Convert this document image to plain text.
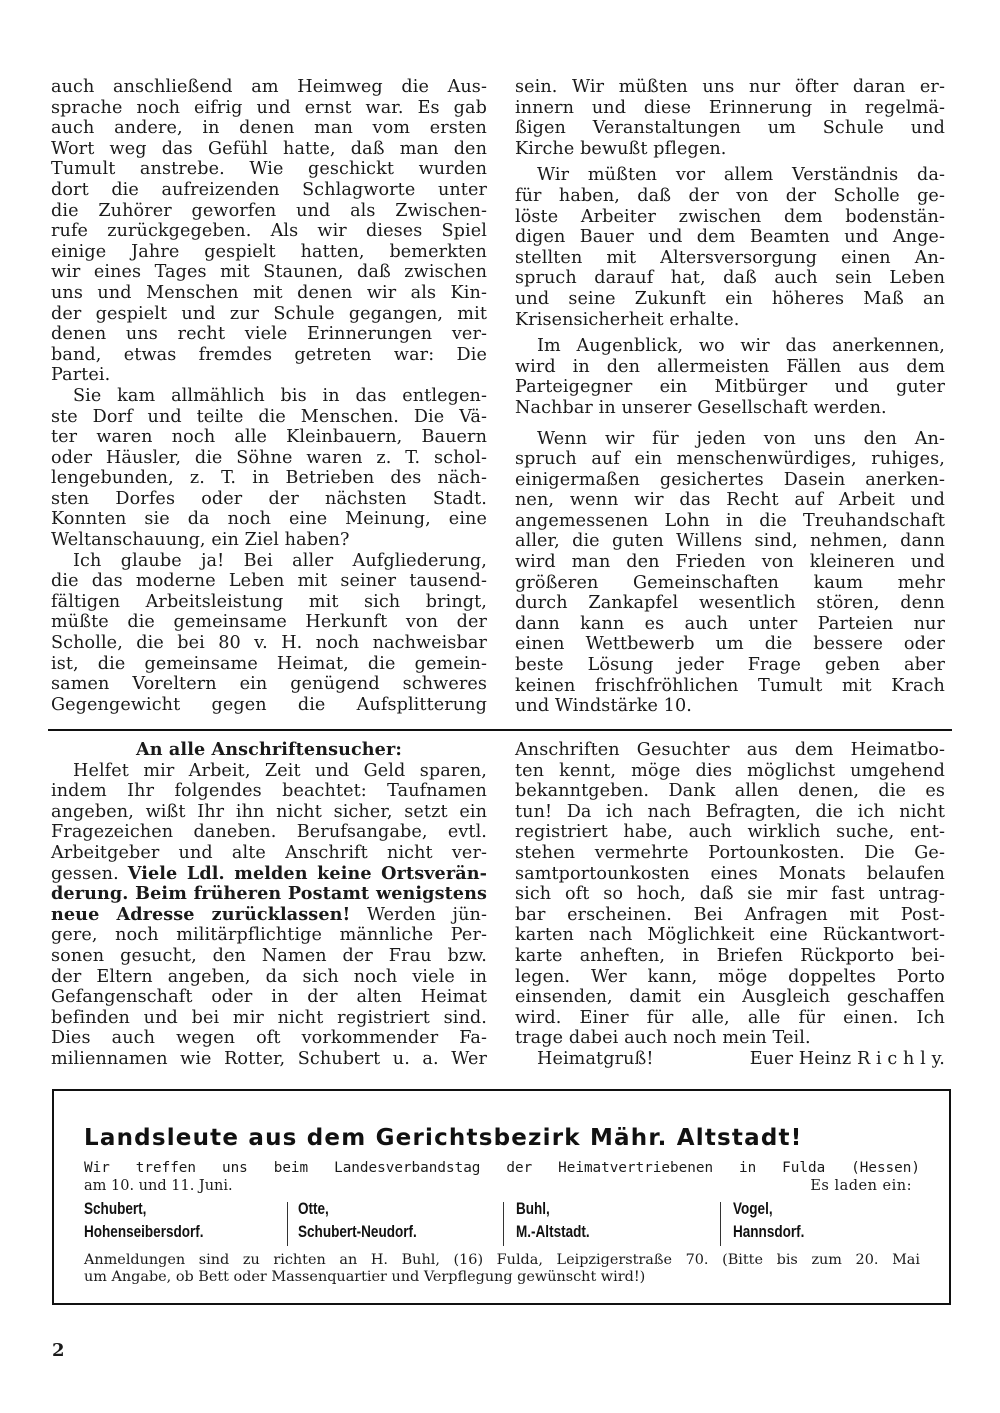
auch anschließend am Heimweg die Aus-
sprache noch eifrig und ernst war. Es gab
auch andere, in denen man vom ersten
Wort weg das Gefühl hatte, daß man den
Tumult anstrebe. Wie geschickt wurden
dort die aufreizenden Schlagworte unter
die Zuhörer geworfen und als Zwischen-
rufe zurückgegeben. Als wir dieses Spiel
einige Jahre gespielt hatten, bemerkten
wir eines Tages mit Staunen, daß zwischen
uns und Menschen mit denen wir als Kin-
der gespielt und zur Schule gegangen, mit
denen uns recht viele Erinnerungen ver-
band, etwas fremdes getreten war: Die
Partei.
Sie kam allmählich bis in das entlegen-
ste Dorf und teilte die Menschen. Die Vä-
ter waren noch alle Kleinbauern, Bauern
oder Häusler, die Söhne waren z. T. schol-
lengebunden, z. T. in Betrieben des näch-
sten Dorfes oder der nächsten Stadt.
Konnten sie da noch eine Meinung, eine
Weltanschauung, ein Ziel haben?
Ich glaube ja! Bei aller Aufgliederung,
die das moderne Leben mit seiner tausend-
fältigen Arbeitsleistung mit sich bringt,
müßte die gemeinsame Herkunft von der
Scholle, die bei 80 v. H. noch nachweisbar
ist, die gemeinsame Heimat, die gemein-
samen Voreltern ein genügend schweres
Gegengewicht gegen die Aufsplitterung
sein. Wir müßten uns nur öfter daran er-
innern und diese Erinnerung in regelmä-
ßigen Veranstaltungen um Schule und
Kirche bewußt pflegen.
Wir müßten vor allem Verständnis da-
für haben, daß der von der Scholle ge-
löste Arbeiter zwischen dem bodenstän-
digen Bauer und dem Beamten und Ange-
stellten mit Altersversorgung einen An-
spruch darauf hat, daß auch sein Leben
und seine Zukunft ein höheres Maß an
Krisensicherheit erhalte.
Im Augenblick, wo wir das anerkennen,
wird in den allermeisten Fällen aus dem
Parteigegner ein Mitbürger und guter
Nachbar in unserer Gesellschaft werden.
Wenn wir für jeden von uns den An-
spruch auf ein menschenwürdiges, ruhiges,
einigermaßen gesichertes Dasein anerken-
nen, wenn wir das Recht auf Arbeit und
angemessenen Lohn in die Treuhandschaft
aller, die guten Willens sind, nehmen, dann
wird man den Frieden von kleineren und
größeren Gemeinschaften kaum mehr
durch Zankapfel wesentlich stören, denn
dann kann es auch unter Parteien nur
einen Wettbewerb um die bessere oder
beste Lösung jeder Frage geben aber
keinen frischfröhlichen Tumult mit Krach
und Windstärke 10.
An alle Anschriftensucher:
Helfet mir Arbeit, Zeit und Geld sparen,
indem Ihr folgendes beachtet: Taufnamen
angeben, wißt Ihr ihn nicht sicher, setzt ein
Fragezeichen daneben. Berufsangabe, evtl.
Arbeitgeber und alte Anschrift nicht ver-
gessen. Viele Ldl. melden keine Ortsverän-
derung. Beim früheren Postamt wenigstens
neue Adresse zurücklassen! Werden jün-
gere, noch militärpflichtige männliche Per-
sonen gesucht, den Namen der Frau bzw.
der Eltern angeben, da sich noch viele in
Gefangenschaft oder in der alten Heimat
befinden und bei mir nicht registriert sind.
Dies auch wegen oft vorkommender Fa-
miliennamen wie Rotter, Schubert u. a. Wer
Anschriften Gesuchter aus dem Heimatbo-
ten kennt, möge dies möglichst umgehend
bekanntgeben. Dank allen denen, die es
tun! Da ich nach Befragten, die ich nicht
registriert habe, auch wirklich suche, ent-
stehen vermehrte Portounkosten. Die Ge-
samtportounkosten eines Monats belaufen
sich oft so hoch, daß sie mir fast untrag-
bar erscheinen. Bei Anfragen mit Post-
karten nach Möglichkeit eine Rückantwort-
karte anheften, in Briefen Rückporto bei-
legen. Wer kann, möge doppeltes Porto
einsenden, damit ein Ausgleich geschaffen
wird. Einer für alle, alle für einen. Ich
trage dabei auch noch mein Teil.
Heimatgruß!	Euer Heinz R i c h l y.
Landsleute aus dem Gerichtsbezirk Mähr. Altstadt!
Wir treffen uns beim Landesverbandstag der Heimatvertriebenen in Fulda (Hessen)
am 10. und 11. Juni.	Es laden ein:
Schubert,
Hohenseibersdorf.
Otte,
Schubert-Neudorf.
Buhl,
M.-Altstadt.
Vogel,
Hannsdorf.
Anmeldungen sind zu richten an H. Buhl, (16) Fulda, Leipzigerstraße 70. (Bitte bis zum 20. Mai
um Angabe, ob Bett oder Massenquartier und Verpflegung gewünscht wird!)
2
